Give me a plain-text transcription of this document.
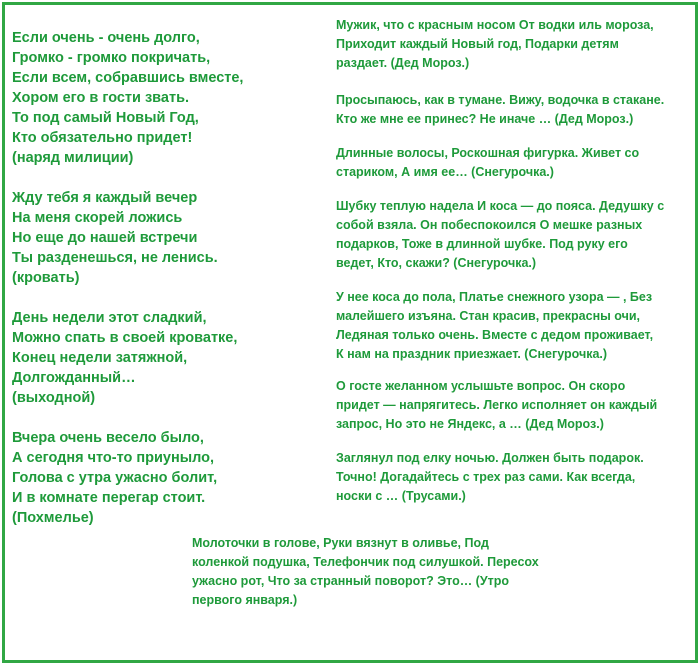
Если очень - очень долго,
Громко - громко покричать,
Если всем, собравшись вместе,
Хором его в гости звать.
То под самый Новый Год,
Кто обязательно придет!
(наряд милиции)
Жду тебя я каждый вечер
На меня скорей ложись
Но еще до нашей встречи
Ты разденешься, не ленись.
(кровать)
День недели этот сладкий,
Можно спать в своей кроватке,
Конец недели затяжной,
Долгожданный…
(выходной)
Вчера очень весело было,
А сегодня что-то приуныло,
Голова с утра ужасно болит,
И в комнате перегар стоит.
(Похмелье)
Мужик, что с красным носом От водки иль мороза,
Приходит каждый Новый год, Подарки детям
раздает. (Дед Мороз.)
Просыпаюсь, как в тумане. Вижу, водочка в стакане.
Кто же мне ее принес? Не иначе … (Дед Мороз.)
Длинные волосы, Роскошная фигурка. Живет со
стариком, А имя ее… (Снегурочка.)
Шубку теплую надела И коса — до пояса. Дедушку с
собой взяла. Он побеспокоился О мешке разных
подарков, Тоже в длинной шубке. Под руку его
ведет, Кто, скажи? (Снегурочка.)
У нее коса до пола, Платье снежного узора — , Без
малейшего изъяна. Стан красив, прекрасны очи,
Ледяная только очень. Вместе с дедом проживает,
К нам на праздник приезжает. (Снегурочка.)
О госте желанном услышьте вопрос. Он скоро
придет — напрягитесь. Легко исполняет он каждый
запрос, Но это не Яндекс, а … (Дед Мороз.)
Заглянул под елку ночью. Должен быть подарок.
Точно! Догадайтесь с трех раз сами. Как всегда,
носки с … (Трусами.)
Молоточки в голове, Руки вязнут в оливье, Под
коленкой подушка, Телефончик под силушкой. Пересох
ужасно рот, Что за странный поворот? Это… (Утро
первого января.)
